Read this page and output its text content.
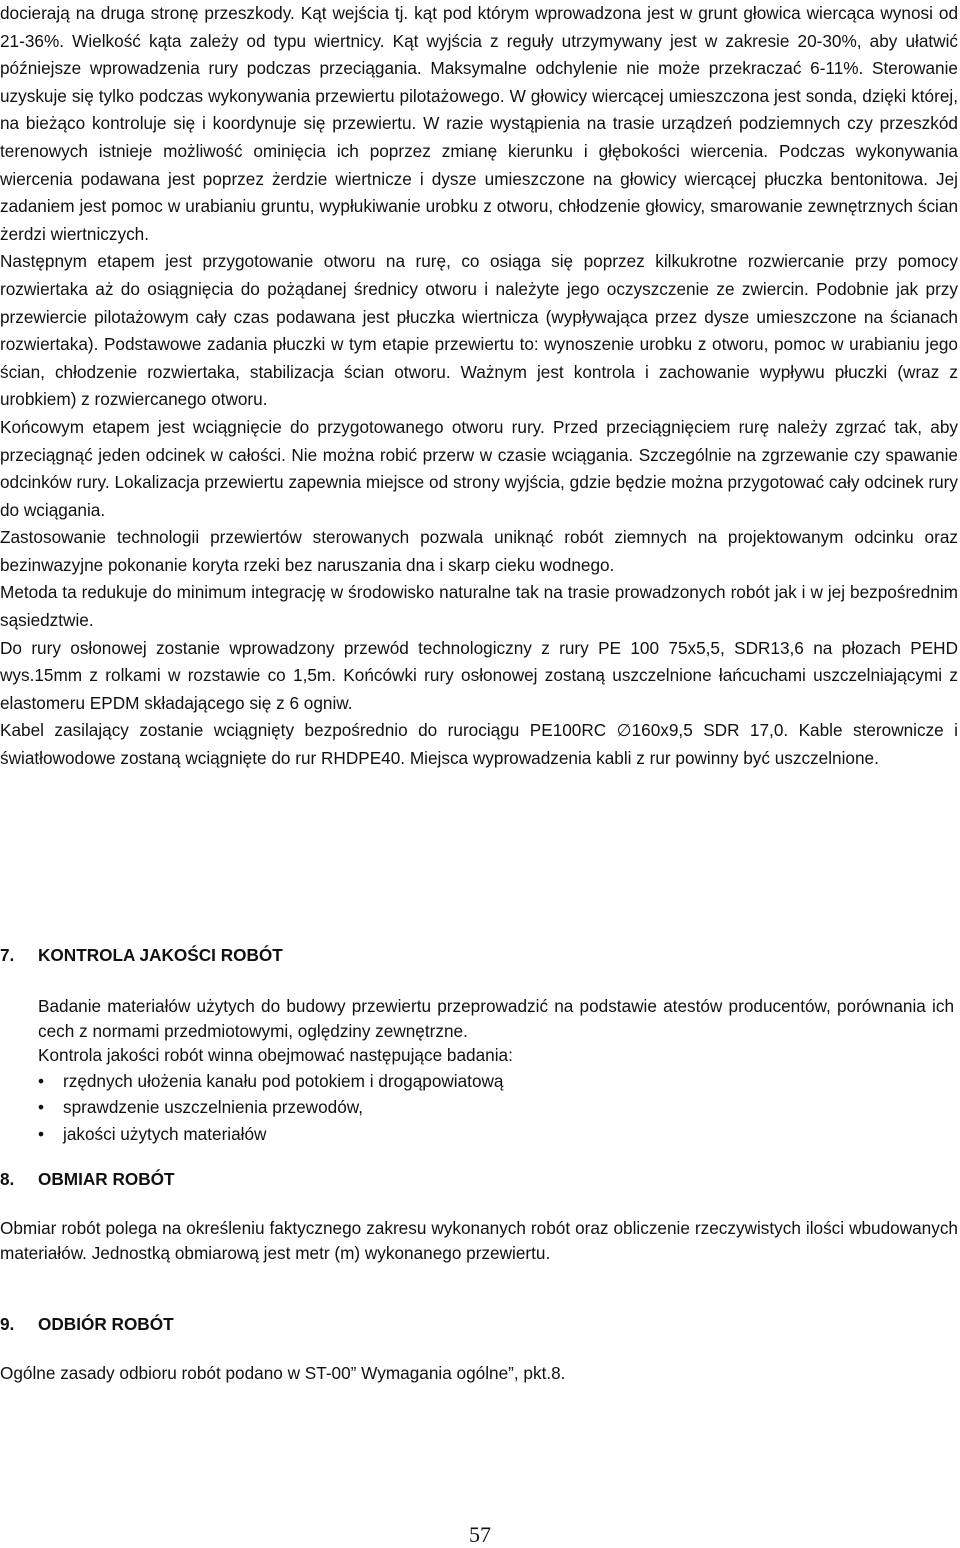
docierają na druga stronę przeszkody. Kąt wejścia tj. kąt pod którym wprowadzona jest w grunt głowica wiercąca wynosi od 21-36%. Wielkość kąta zależy od typu wiertnicy. Kąt wyjścia z reguły utrzymywany jest w zakresie 20-30%, aby ułatwić późniejsze wprowadzenia rury podczas przeciągania. Maksymalne odchylenie nie może przekraczać 6-11%. Sterowanie uzyskuje się tylko podczas wykonywania przewiertu pilotażowego. W głowicy wiercącej umieszczona jest sonda, dzięki której, na bieżąco kontroluje się i koordynuje się przewiertu. W razie wystąpienia na trasie urządzeń podziemnych czy przeszkód terenowych istnieje możliwość ominięcia ich poprzez zmianę kierunku i głębokości wiercenia. Podczas wykonywania wiercenia podawana jest poprzez żerdzie wiertnicze i dysze umieszczone na głowicy wiercącej płuczka bentonitowa. Jej zadaniem jest pomoc w urabianiu gruntu, wypłukiwanie urobku z otworu, chłodzenie głowicy, smarowanie zewnętrznych ścian żerdzi wiertniczych.

Następnym etapem jest przygotowanie otworu na rurę, co osiąga się poprzez kilkukrotne rozwiercanie przy pomocy rozwiertaka aż do osiągnięcia do pożądanej średnicy otworu i należyte jego oczyszczenie ze zwiercin. Podobnie jak przy przewiercie pilotażowym cały czas podawana jest płuczka wiertnicza (wypływająca przez dysze umieszczone na ścianach rozwiertaka). Podstawowe zadania płuczki w tym etapie przewiertu to: wynoszenie urobku z otworu, pomoc w urabianiu jego ścian, chłodzenie rozwiertaka, stabilizacja ścian otworu. Ważnym jest kontrola i zachowanie wypływu płuczki (wraz z urobkiem) z rozwiercanego otworu.

Końcowym etapem jest wciągnięcie do przygotowanego otworu rury. Przed przeciągnięciem rurę należy zgrzać tak, aby przeciągnąć jeden odcinek w całości. Nie można robić przerw w czasie wciągania. Szczególnie na zgrzewanie czy spawanie odcinków rury. Lokalizacja przewiertu zapewnia miejsce od strony wyjścia, gdzie będzie można przygotować cały odcinek rury do wciągania.

Zastosowanie technologii przewiertów sterowanych pozwala uniknąć robót ziemnych na projektowanym odcinku oraz bezinwazyjne pokonanie koryta rzeki bez naruszania dna i skarp cieku wodnego.

Metoda ta redukuje do minimum integrację w środowisko naturalne tak na trasie prowadzonych robót jak i w jej bezpośrednim sąsiedztwie.

Do rury osłonowej zostanie wprowadzony przewód technologiczny z rury PE 100 75x5,5, SDR13,6 na płozach PEHD wys.15mm z rolkami w rozstawie co 1,5m. Końcówki rury osłonowej zostaną uszczelnione łańcuchami uszczelniającymi z elastomeru EPDM składającego się z 6 ogniw.

Kabel zasilający zostanie wciągnięty bezpośrednio do rurociągu PE100RC ∅160x9,5 SDR 17,0. Kable sterownicze i światłowodowe zostaną wciągnięte do rur RHDPE40. Miejsca wyprowadzenia kabli z rur powinny być uszczelnione.

7. KONTROLA JAKOŚCI ROBÓT

Badanie materiałów użytych do budowy przewiertu przeprowadzić na podstawie atestów producentów, porównania ich cech z normami przedmiotowymi, oględziny zewnętrzne.

Kontrola jakości robót winna obejmować następujące badania:

• rzędnych ułożenia kanału pod potokiem i drogąpowiatową
• sprawdzenie uszczelnienia przewodów,
• jakości użytych materiałów
8. OBMIAR ROBÓT

Obmiar robót polega na określeniu faktycznego zakresu wykonanych robót oraz obliczenie rzeczywistych ilości wbudowanych materiałów. Jednostką obmiarową jest metr (m) wykonanego przewiertu.

9. ODBIÓR ROBÓT

Ogólne zasady odbioru robót podano w ST-00” Wymagania ogólne”, pkt.8.

57
